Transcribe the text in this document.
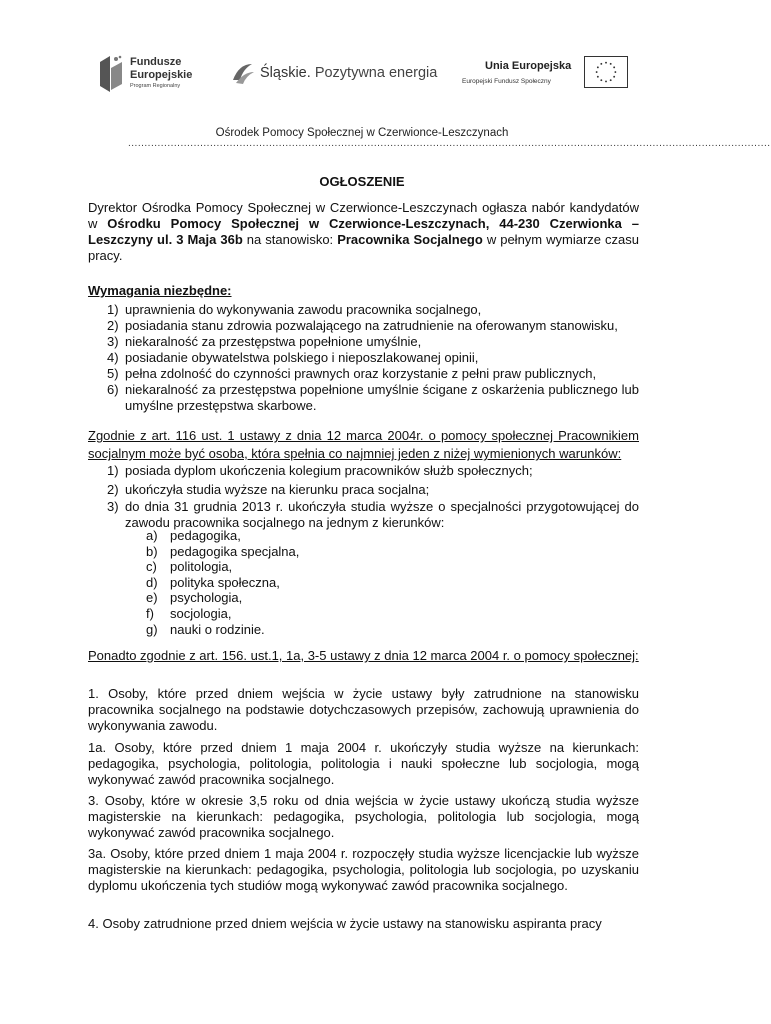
Fundusze
Europejskie
Program Regionalny
Śląskie. Pozytywna energia	Unia Europejska
Europejski Fundusz Społeczny
Ośrodek Pomocy Społecznej w Czerwionce-Leszczynach
....................................................................................................................................................................................................
OGŁOSZENIE

Dyrektor Ośrodka Pomocy Społecznej w Czerwionce-Leszczynach ogłasza nabór kandydatów w Ośrodku Pomocy Społecznej w Czerwionce-Leszczynach, 44-230 Czerwionka – Leszczyny ul. 3 Maja 36b na stanowisko: Pracownika Socjalnego w pełnym wymiarze czasu pracy.

Wymagania niezbędne:

1) uprawnienia do wykonywania zawodu pracownika socjalnego,
2) posiadania stanu zdrowia pozwalającego na zatrudnienie na oferowanym stanowisku,
3) niekaralność za przestępstwa popełnione umyślnie,
4) posiadanie obywatelstwa polskiego i nieposzlakowanej opinii,
5) pełna zdolność do czynności prawnych oraz korzystanie z pełni praw publicznych,
6) niekaralność za przestępstwa popełnione umyślnie ścigane z oskarżenia publicznego lub umyślne przestępstwa skarbowe.

Zgodnie z art. 116 ust. 1 ustawy z dnia 12 marca 2004r. o pomocy społecznej Pracownikiem socjalnym może być osoba, która spełnia co najmniej jeden z niżej wymienionych warunków:

1) posiada dyplom ukończenia kolegium pracowników służb społecznych;
2) ukończyła studia wyższe na kierunku praca socjalna;
3) do dnia 31 grudnia 2013 r. ukończyła studia wyższe o specjalności przygotowującej do zawodu pracownika socjalnego na jednym z kierunków:
a) pedagogika,
b) pedagogika specjalna,
c) politologia,
d) polityka społeczna,
e) psychologia,
f) socjologia,
g) nauki o rodzinie.

Ponadto zgodnie z art. 156. ust.1, 1a, 3-5 ustawy z dnia 12 marca 2004 r. o pomocy społecznej:

1. Osoby, które przed dniem wejścia w życie ustawy były zatrudnione na stanowisku pracownika socjalnego na podstawie dotychczasowych przepisów, zachowują uprawnienia do wykonywania zawodu.

1a. Osoby, które przed dniem 1 maja 2004 r. ukończyły studia wyższe na kierunkach: pedagogika, psychologia, politologia, politologia i nauki społeczne lub socjologia, mogą wykonywać zawód pracownika socjalnego.

3. Osoby, które w okresie 3,5 roku od dnia wejścia w życie ustawy ukończą studia wyższe magisterskie na kierunkach: pedagogika, psychologia, politologia lub socjologia, mogą wykonywać zawód pracownika socjalnego.

3a. Osoby, które przed dniem 1 maja 2004 r. rozpoczęły studia wyższe licencjackie lub wyższe magisterskie na kierunkach: pedagogika, psychologia, politologia lub socjologia, po uzyskaniu dyplomu ukończenia tych studiów mogą wykonywać zawód pracownika socjalnego.

4. Osoby zatrudnione przed dniem wejścia w życie ustawy na stanowisku aspiranta pracy
